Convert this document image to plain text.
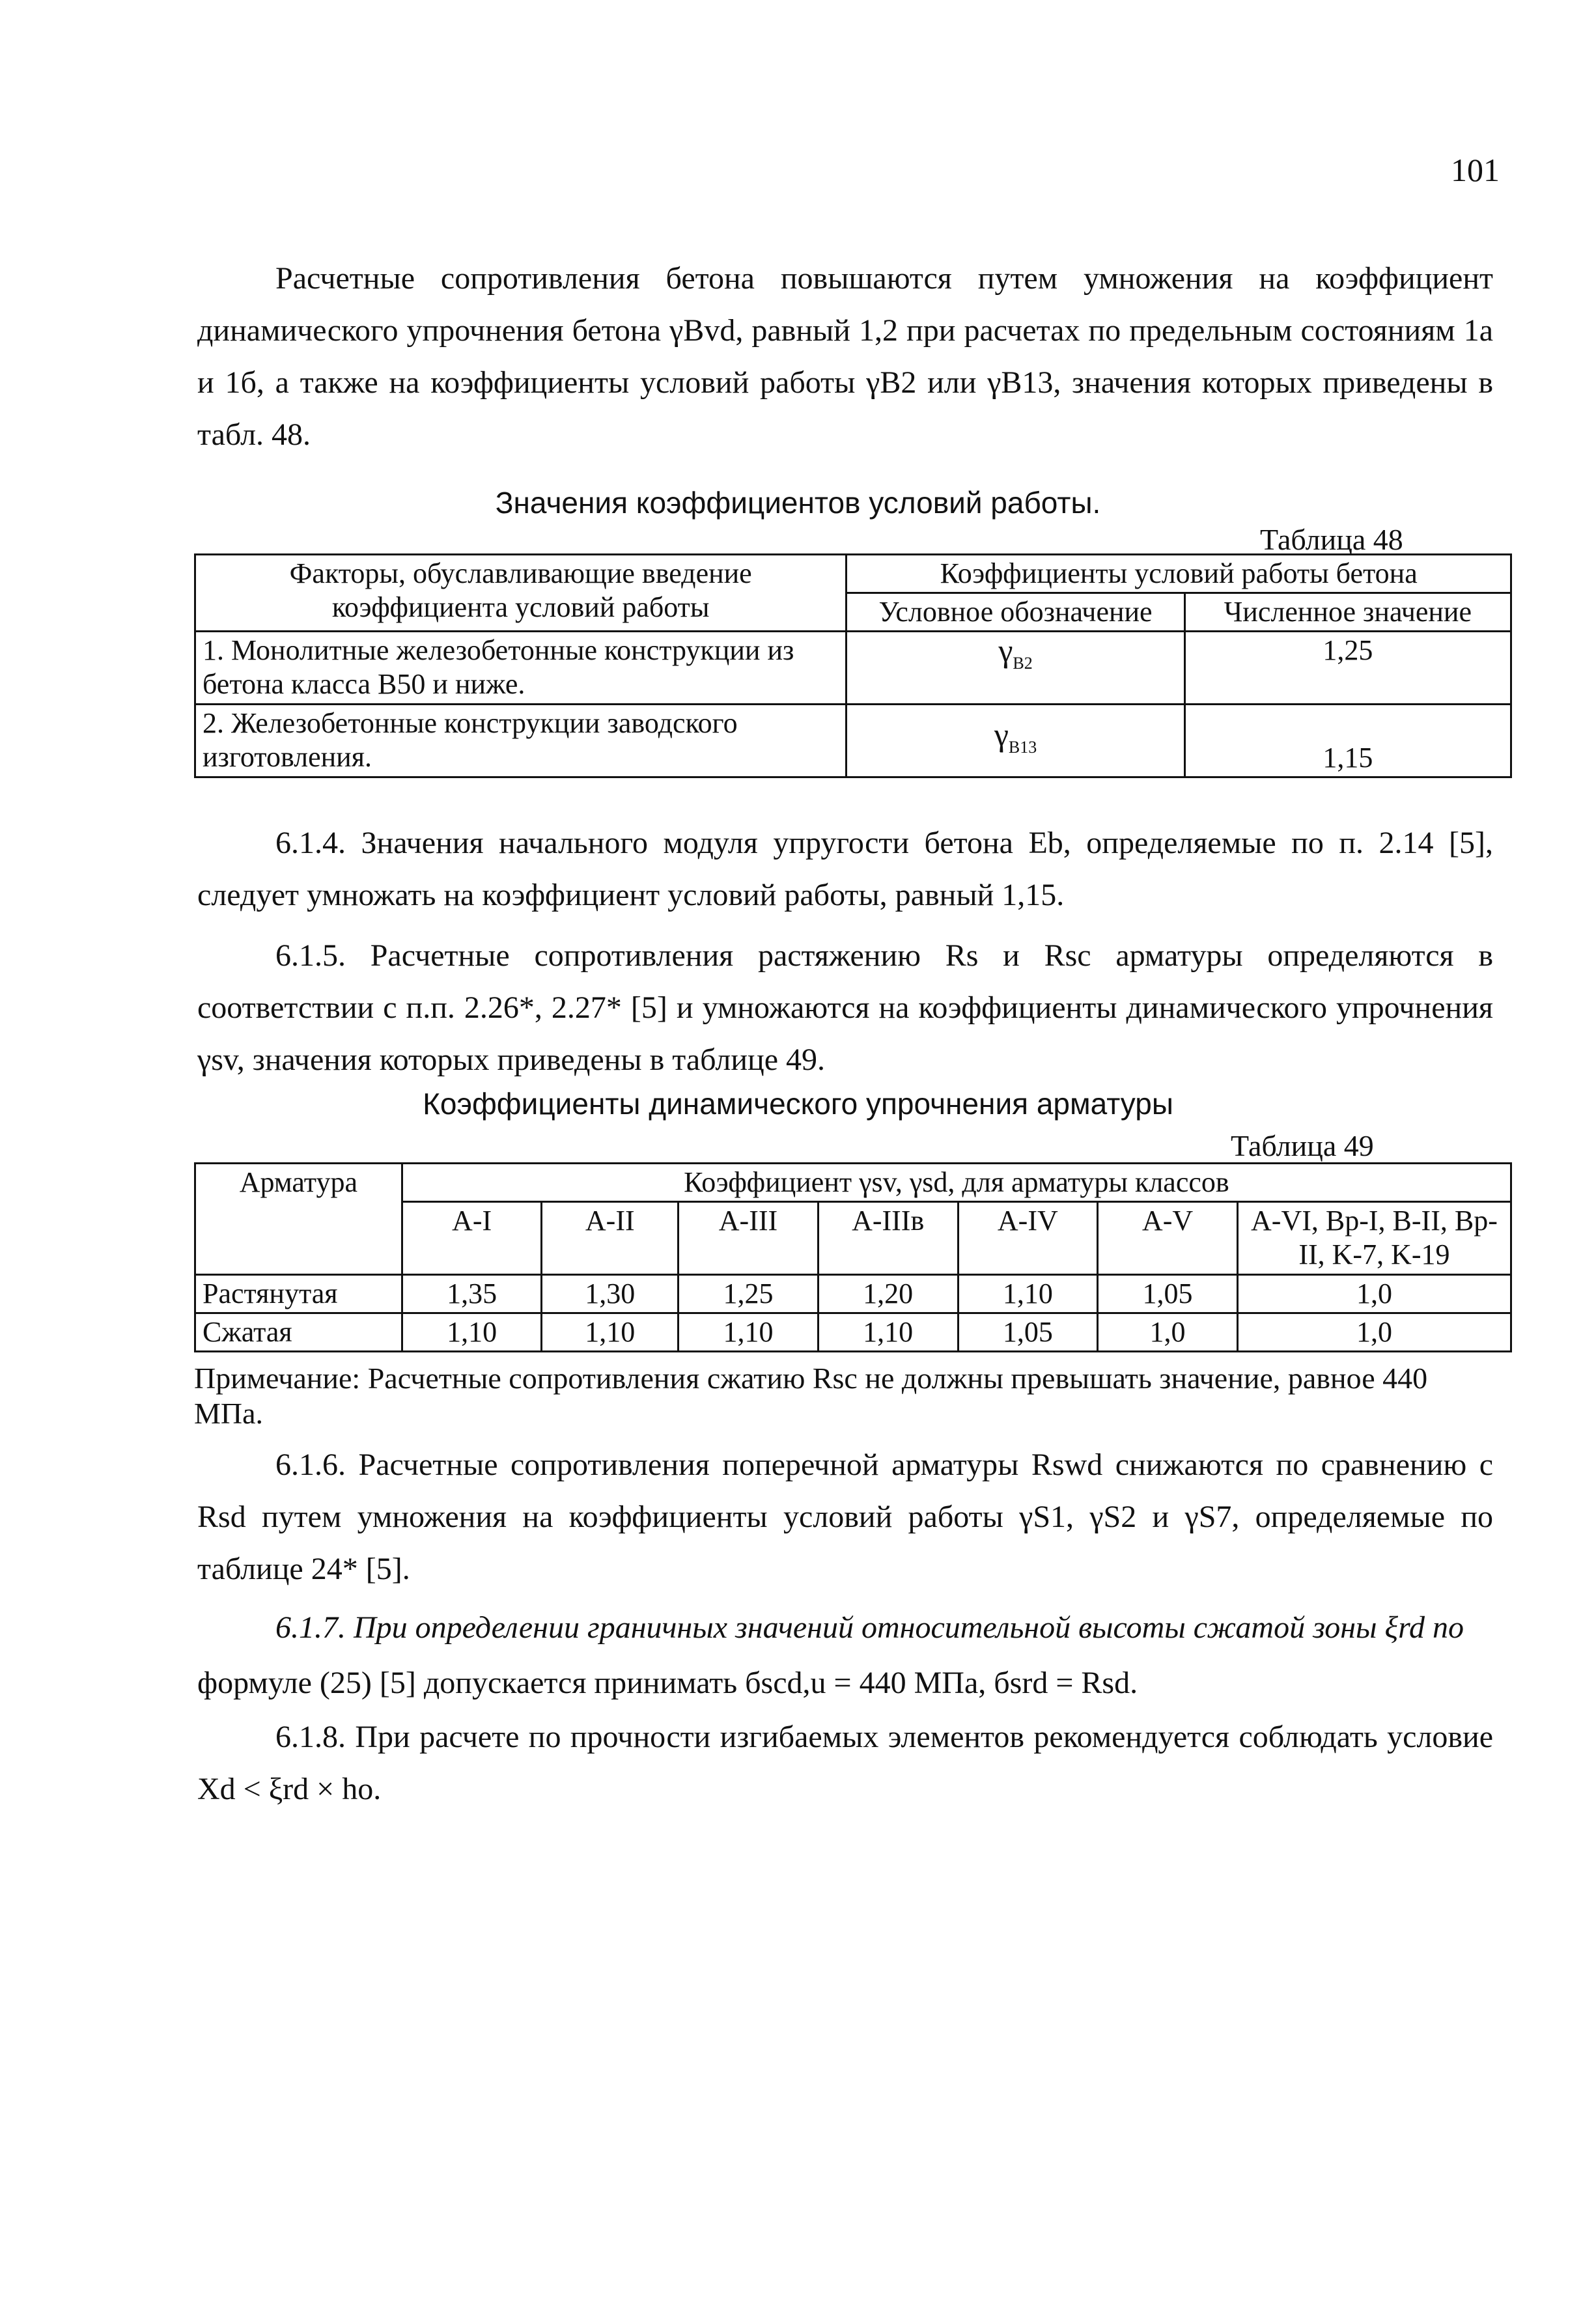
101

Расчетные сопротивления бетона повышаются путем умножения на коэффициент динамического упрочнения бетона γBvd, равный 1,2 при расчетах по предельным состояниям 1а и 1б, а также на коэффициенты условий работы γB2 или γB13, значения которых приведены в табл. 48.

Значения коэффициентов условий работы.
Таблица 48
Факторы, обуславливающие введение коэффициента условий работы	Коэффициенты условий работы бетона	
	Условное обозначение	Численное значение
1. Монолитные железобетонные конструкции из бетона класса В50 и ниже.	$\gamma_{B2}$	1,25
2. Железобетонные конструкции заводского изготовления.	$\gamma_{B13}$	1,15

6.1.4. Значения начального модуля упругости бетона Eb, определяемые по п. 2.14 [5], следует умножать на коэффициент условий работы, равный 1,15.

6.1.5. Расчетные сопротивления растяжению Rs и Rsc арматуры определяются в соответствии с п.п. 2.26*, 2.27* [5] и умножаются на коэффициенты динамического упрочнения γsv, значения которых приведены в таблице 49.

Коэффициенты динамического упрочнения арматуры
Таблица 49
Арматура	Коэффициент γsv, γsd, для арматуры классов						
	A-I	A-II	A-III	A-IIIв	A-IV	A-V	A-VI, Bp-I, B-II, Bp-II, K-7, K-19
Растянутая	1,35	1,30	1,25	1,20	1,10	1,05	1,0
Сжатая	1,10	1,10	1,10	1,10	1,05	1,0	1,0

Примечание: Расчетные сопротивления сжатию Rsc не должны превышать значение, равное 440 МПа.

6.1.6. Расчетные сопротивления поперечной арматуры Rswd снижаются по сравнению с Rsd путем умножения на коэффициенты условий работы γS1, γS2 и γS7, определяемые по таблице 24* [5].

6.1.7. При определении граничных значений относительной высоты сжатой зоны ξrd по

формуле (25) [5] допускается принимать бscd,u = 440 МПа, бsrd = Rsd.

6.1.8. При расчете по прочности изгибаемых элементов рекомендуется соблюдать условие Xd < ξrd × ho.
